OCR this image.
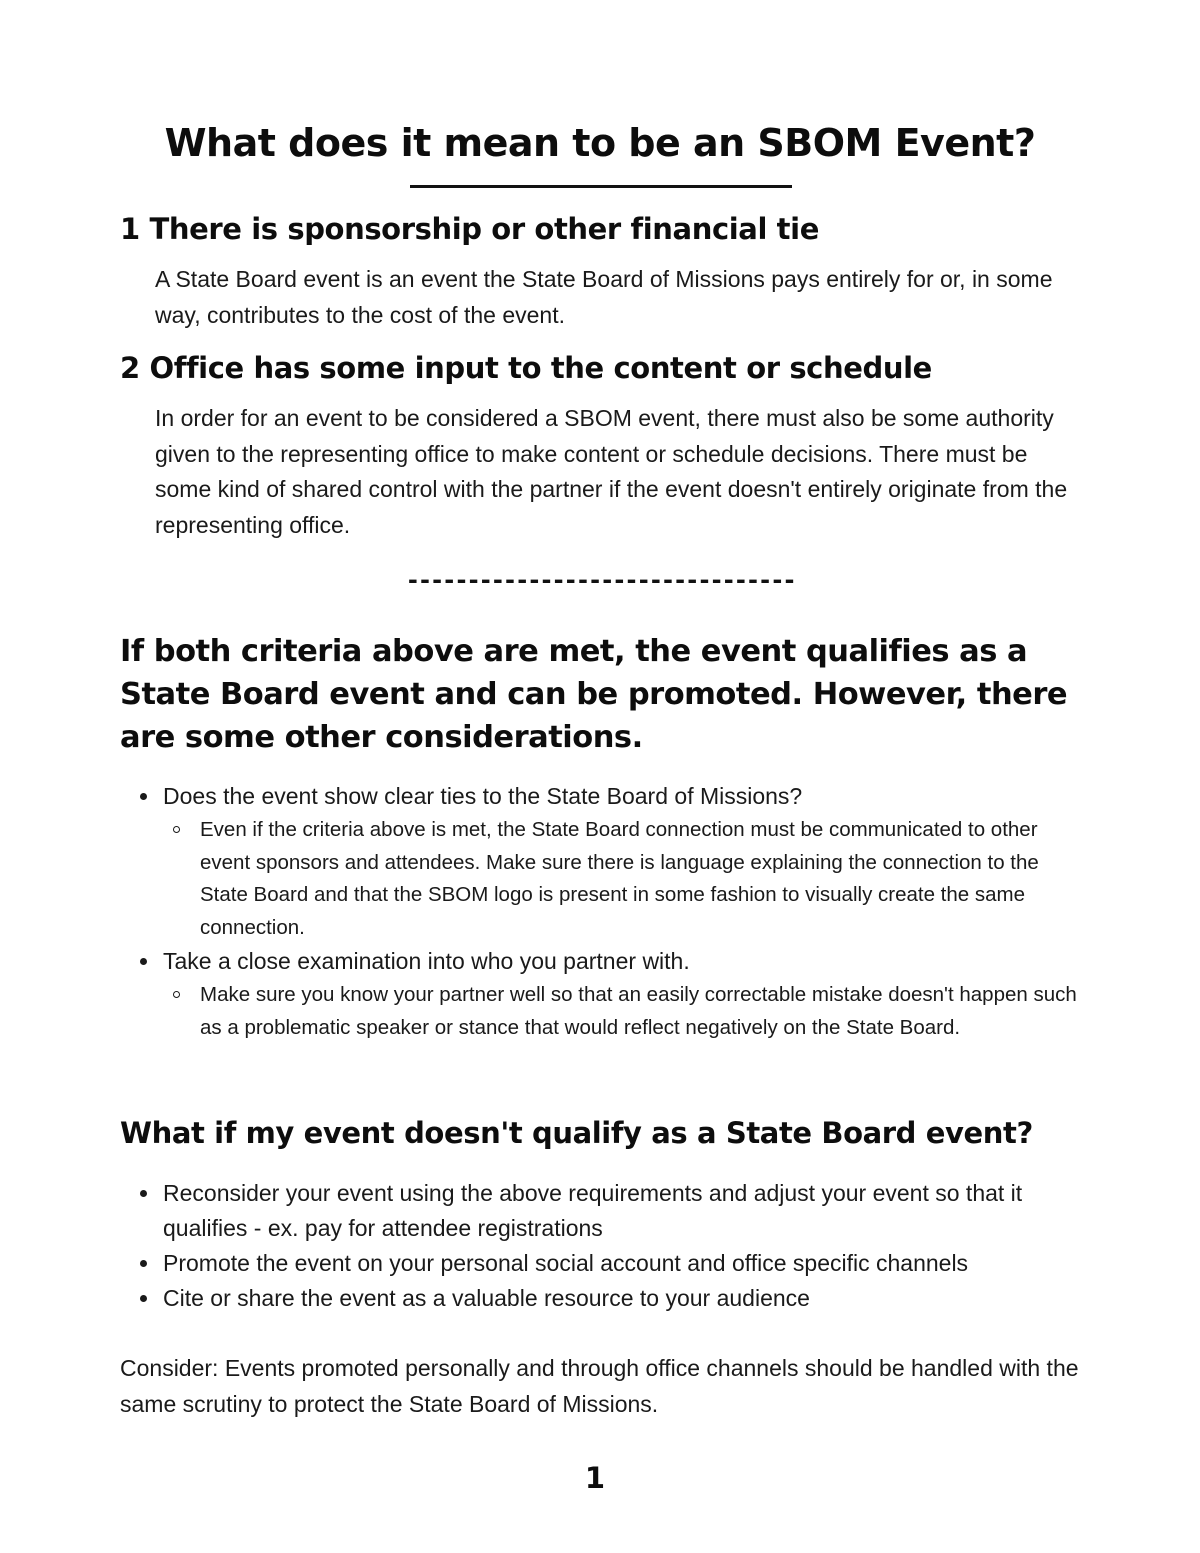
What does it mean to be an SBOM Event?
1 There is sponsorship or other financial tie

A State Board event is an event the State Board of Missions pays entirely for or, in some way, contributes to the cost of the event.

2 Office has some input to the content or schedule

In order for an event to be considered a SBOM event, there must also be some authority given to the representing office to make content or schedule decisions. There must be some kind of shared control with the partner if the event doesn't entirely originate from the representing office.

--------------------------------
If both criteria above are met, the event qualifies as a State Board event and can be promoted. However, there are some other considerations.
Does the event show clear ties to the State Board of Missions?
Even if the criteria above is met, the State Board connection must be communicated to other event sponsors and attendees. Make sure there is language explaining the connection to the State Board and that the SBOM logo is present in some fashion to visually create the same connection.
Take a close examination into who you partner with.
Make sure you know your partner well so that an easily correctable mistake doesn't happen such as a problematic speaker or stance that would reflect negatively on the State Board.
What if my event doesn't qualify as a State Board event?
Reconsider your event using the above requirements and adjust your event so that it qualifies - ex. pay for attendee registrations
Promote the event on your personal social account and office specific channels
Cite or share the event as a valuable resource to your audience

Consider: Events promoted personally and through office channels should be handled with the same scrutiny to protect the State Board of Missions.

1
